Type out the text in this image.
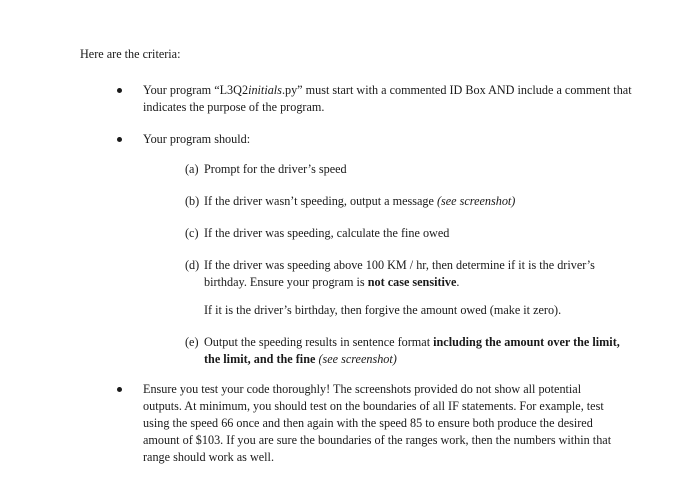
Here are the criteria:
Your program “L3Q2initials.py” must start with a commented ID Box AND include a comment that indicates the purpose of the program.
Your program should:
(a) Prompt for the driver’s speed
(b) If the driver wasn’t speeding, output a message (see screenshot)
(c) If the driver was speeding, calculate the fine owed
(d) If the driver was speeding above 100 KM / hr, then determine if it is the driver’s birthday. Ensure your program is not case sensitive.
If it is the driver’s birthday, then forgive the amount owed (make it zero).
(e) Output the speeding results in sentence format including the amount over the limit, the limit, and the fine (see screenshot)
Ensure you test your code thoroughly! The screenshots provided do not show all potential outputs. At minimum, you should test on the boundaries of all IF statements. For example, test using the speed 66 once and then again with the speed 85 to ensure both produce the desired amount of $103. If you are sure the boundaries of the ranges work, then the numbers within that range should work as well.
